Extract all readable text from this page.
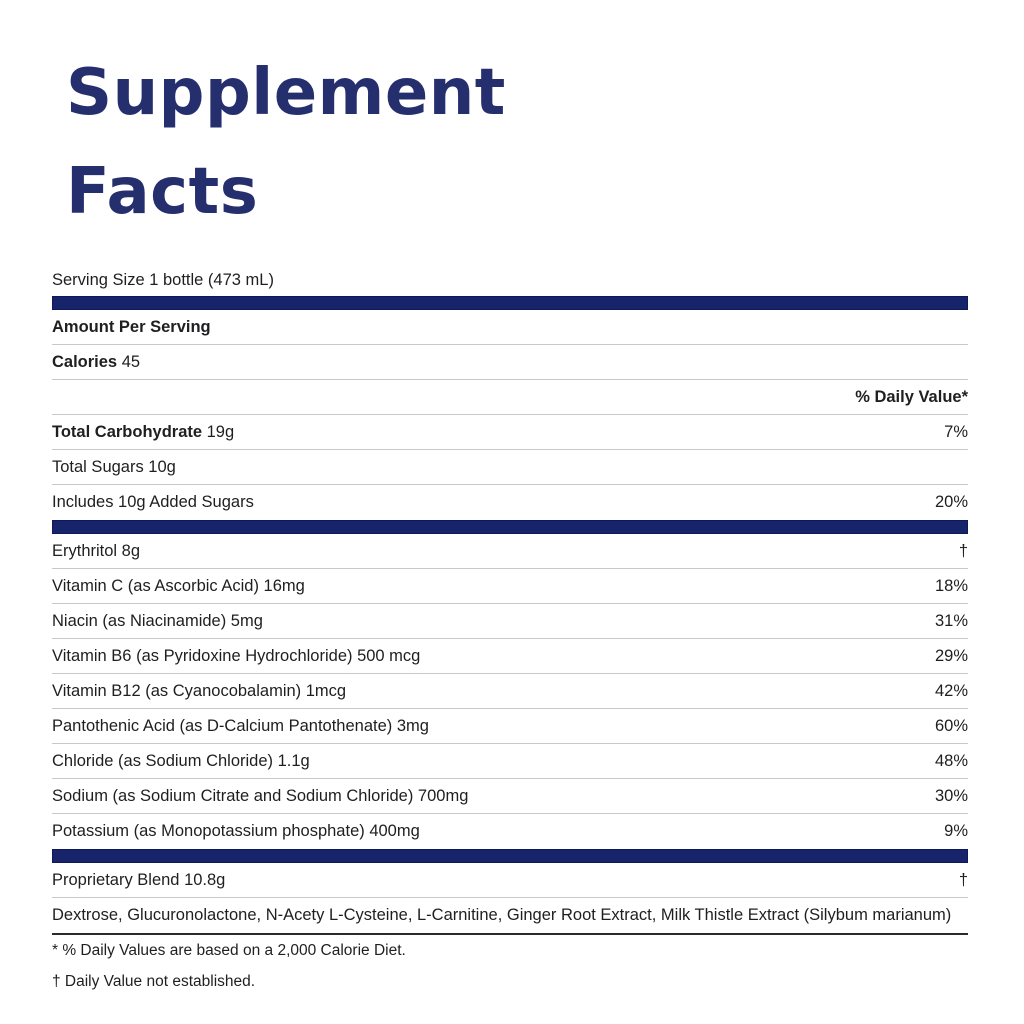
Supplement
Facts
Serving Size 1 bottle (473 mL)
Amount Per Serving
Calories 45
% Daily Value*
Total Carbohydrate 19g	7%
Total Sugars 10g
Includes 10g Added Sugars	20%
Erythritol 8g	†
Vitamin C (as Ascorbic Acid) 16mg	18%
Niacin (as Niacinamide) 5mg	31%
Vitamin B6 (as Pyridoxine Hydrochloride) 500 mcg	29%
Vitamin B12 (as Cyanocobalamin) 1mcg	42%
Pantothenic Acid (as D-Calcium Pantothenate) 3mg	60%
Chloride (as Sodium Chloride) 1.1g	48%
Sodium (as Sodium Citrate and Sodium Chloride) 700mg	30%
Potassium (as Monopotassium phosphate) 400mg	9%
Proprietary Blend 10.8g	†
Dextrose, Glucuronolactone, N-Acety L-Cysteine, L-Carnitine, Ginger Root Extract, Milk Thistle Extract (Silybum marianum)
* % Daily Values are based on a 2,000 Calorie Diet.
† Daily Value not established.
